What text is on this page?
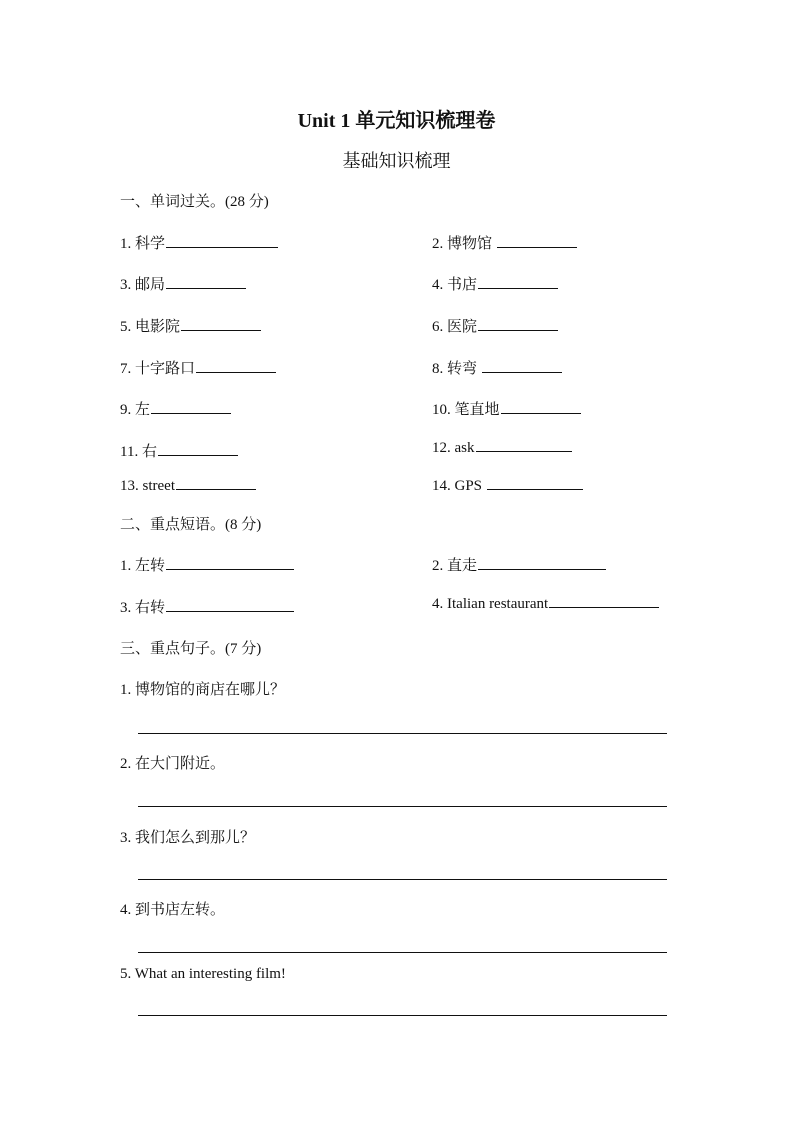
Unit 1 单元知识梳理卷
基础知识梳理
一、单词过关。(28 分)
1. 科学	2. 博物馆
3. 邮局	4. 书店
5. 电影院	6. 医院
7. 十字路口	8. 转弯
9. 左	10. 笔直地
11. 右	12. ask
13. street	14. GPS
二、重点短语。(8 分)
1. 左转	2. 直走
3. 右转	4. Italian restaurant
三、重点句子。(7 分)
1. 博物馆的商店在哪儿？
2. 在大门附近。
3. 我们怎么到那儿？
4. 到书店左转。
5. What an interesting film!
